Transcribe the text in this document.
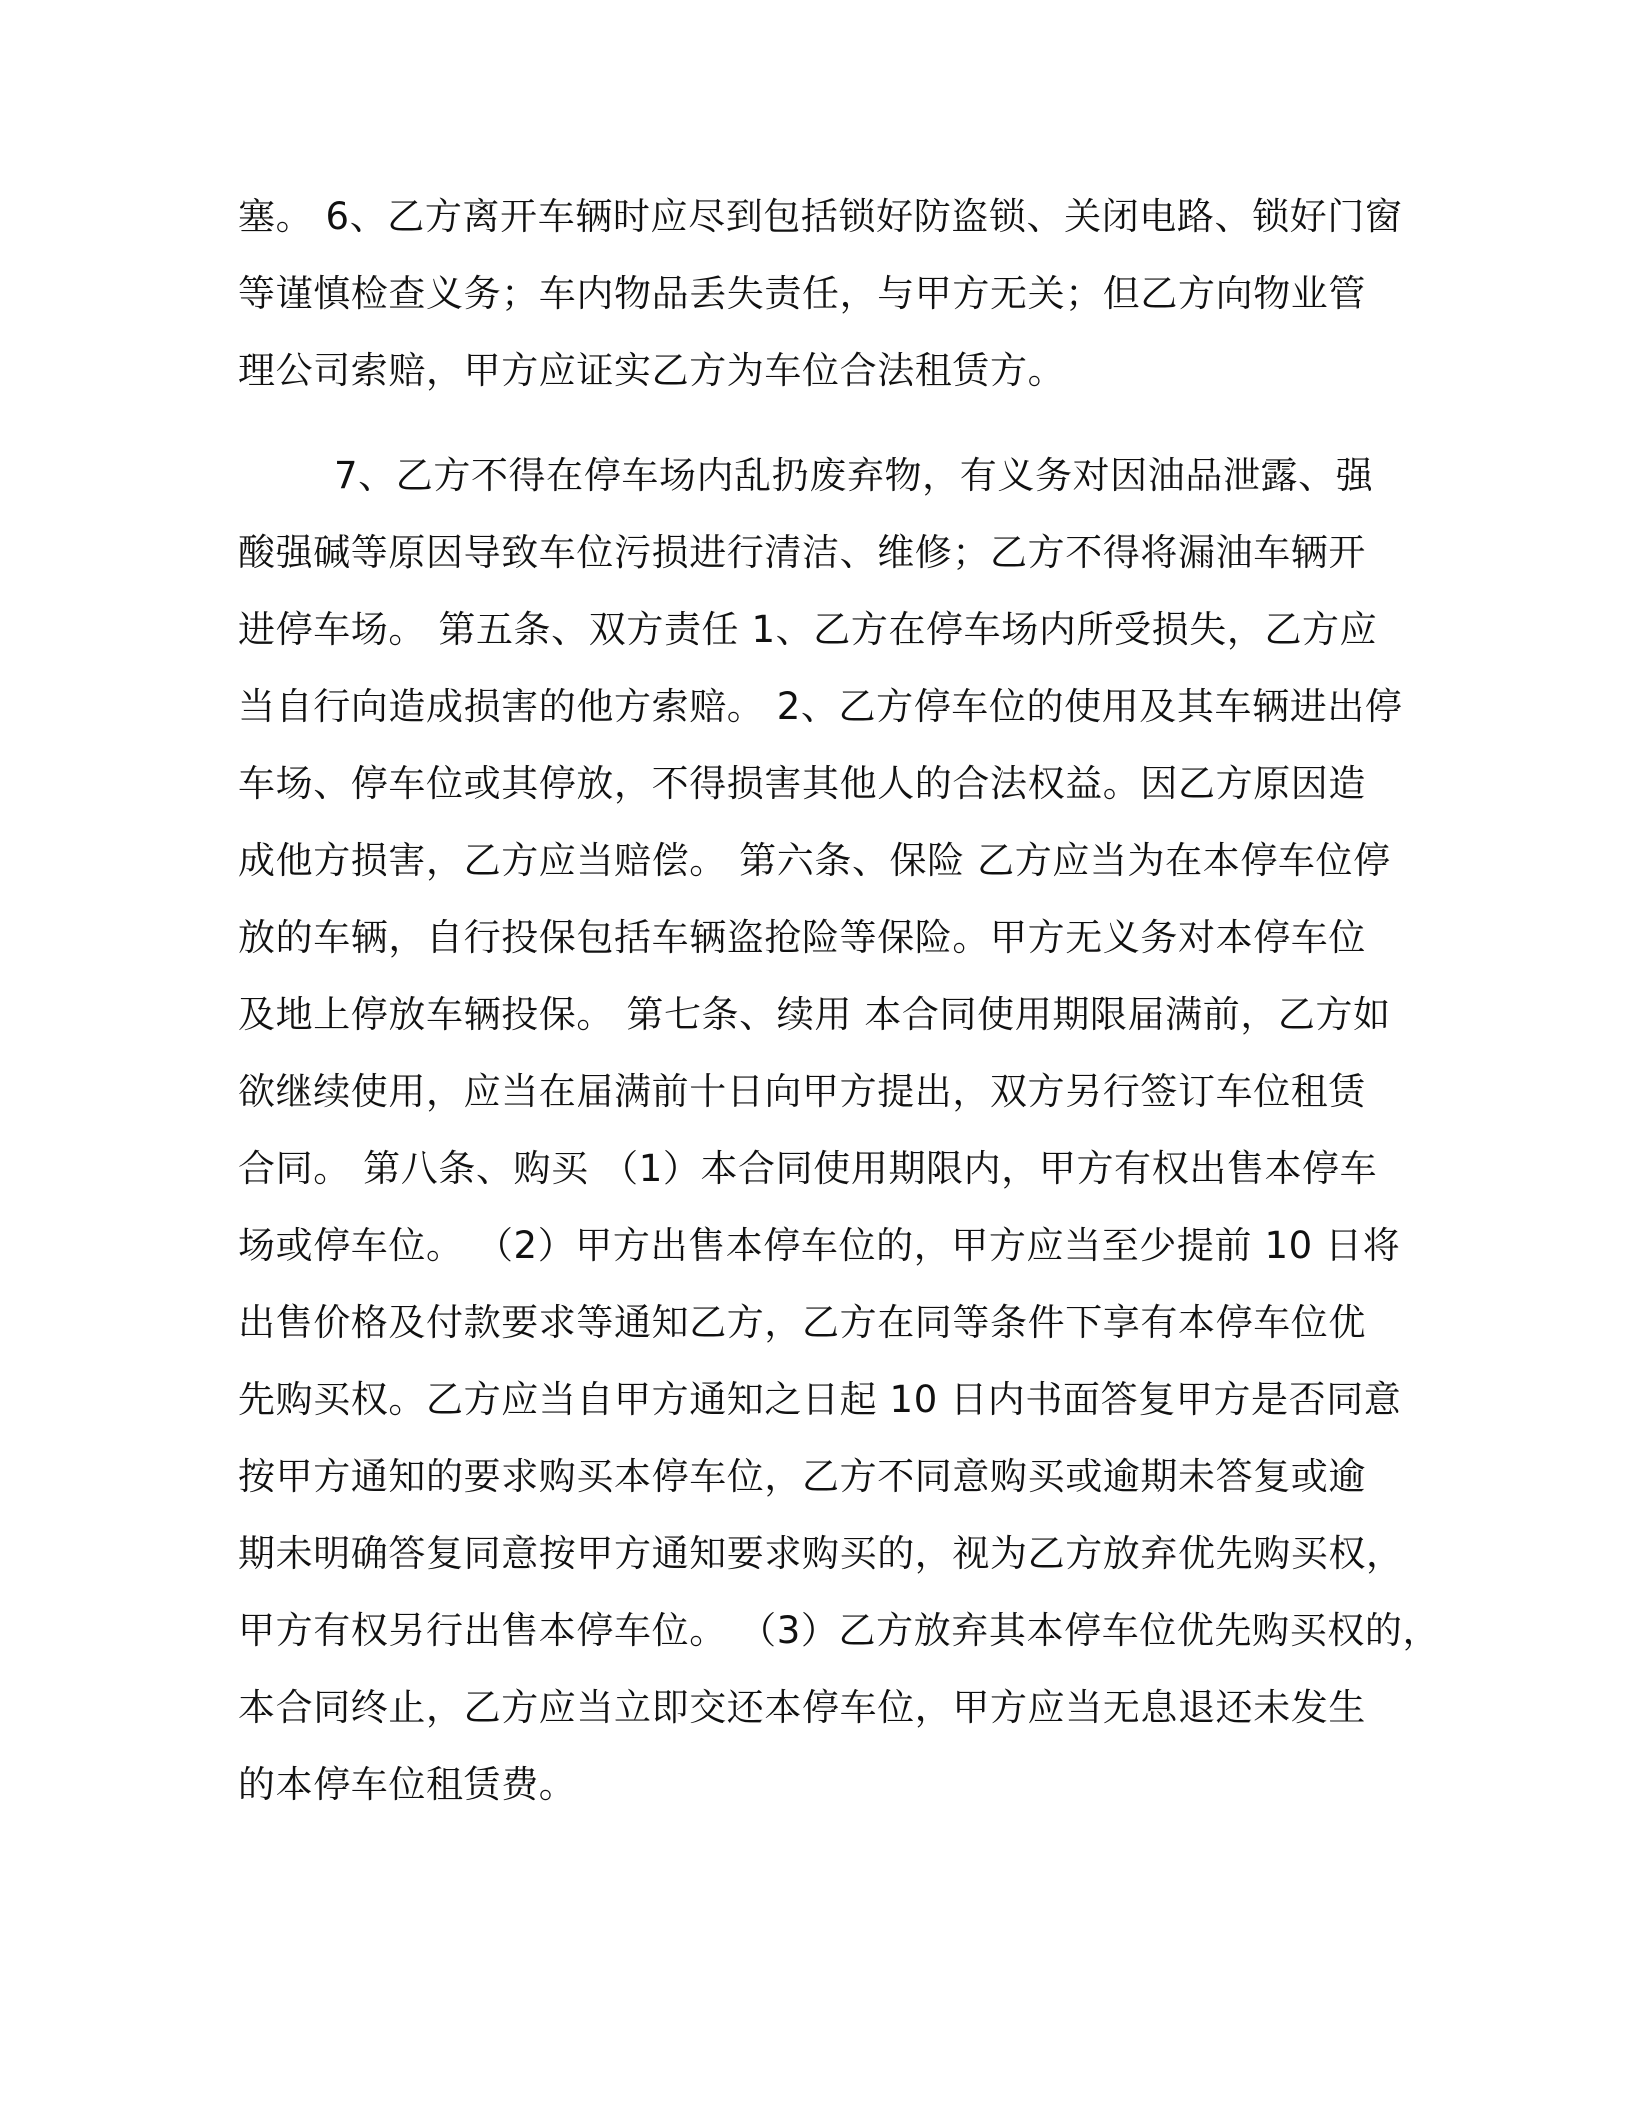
塞。 6、乙方离开车辆时应尽到包括锁好防盗锁、关闭电路、锁好门窗
等谨慎检查义务；车内物品丢失责任，与甲方无关；但乙方向物业管
理公司索赔，甲方应证实乙方为车位合法租赁方。
7、乙方不得在停车场内乱扔废弃物，有义务对因油品泄露、强
酸强碱等原因导致车位污损进行清洁、维修；乙方不得将漏油车辆开
进停车场。 第五条、双方责任 1、乙方在停车场内所受损失，乙方应
当自行向造成损害的他方索赔。 2、乙方停车位的使用及其车辆进出停
车场、停车位或其停放，不得损害其他人的合法权益。因乙方原因造
成他方损害，乙方应当赔偿。 第六条、保险 乙方应当为在本停车位停
放的车辆，自行投保包括车辆盗抢险等保险。甲方无义务对本停车位
及地上停放车辆投保。 第七条、续用 本合同使用期限届满前，乙方如
欲继续使用，应当在届满前十日向甲方提出，双方另行签订车位租赁
合同。 第八条、购买 （1）本合同使用期限内，甲方有权出售本停车
场或停车位。 （2）甲方出售本停车位的，甲方应当至少提前 10 日将
出售价格及付款要求等通知乙方，乙方在同等条件下享有本停车位优
先购买权。乙方应当自甲方通知之日起 10 日内书面答复甲方是否同意
按甲方通知的要求购买本停车位，乙方不同意购买或逾期未答复或逾
期未明确答复同意按甲方通知要求购买的，视为乙方放弃优先购买权，
甲方有权另行出售本停车位。 （3）乙方放弃其本停车位优先购买权的，
本合同终止，乙方应当立即交还本停车位，甲方应当无息退还未发生
的本停车位租赁费。
